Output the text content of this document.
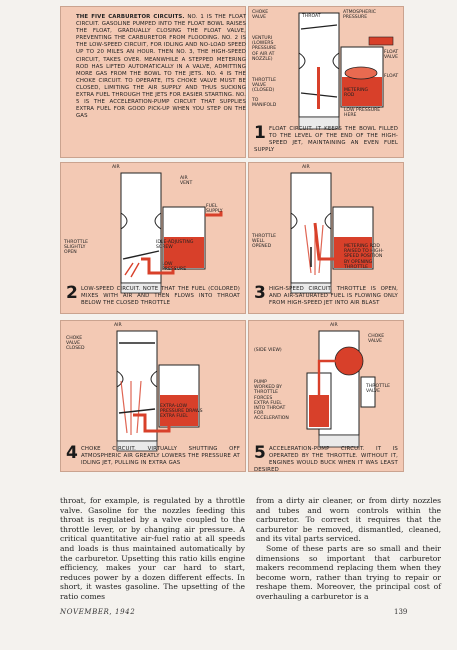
THE FIVE CARBURETOR CIRCUITS. NO. 1 IS THE FLOAT CIRCUIT. GASOLINE PUMPED INTO THE FLOAT BOWL RAISES THE FLOAT, GRADUALLY CLOSING THE FLOAT VALVE, PREVENTING THE CARBURETOR FROM FLOODING. NO. 2 IS THE LOW-SPEED CIRCUIT, FOR IDLING AND NO-LOAD SPEED UP TO 20 MILES AN HOUR. THEN NO. 3, THE HIGH-SPEED CIRCUIT, TAKES OVER. MEANWHILE A STEPPED METERING ROD HAS LIFTED AUTOMATICALLY IN A VALVE, ADMITTING MORE GAS FROM THE BOWL TO THE JETS. NO. 4 IS THE CHOKE CIRCUIT. TO OPERATE, ITS CHOKE VALVE MUST BE CLOSED, LIMITING THE AIR SUPPLY AND THUS SUCKING EXTRA FUEL THROUGH THE JETS FOR EASIER STARTING. NO. 5 IS THE ACCELERATION-PUMP CIRCUIT THAT SUPPLIES EXTRA FUEL FOR GOOD PICK-UP WHEN YOU STEP ON THE GAS
CHOKE
VALVE	THROAT
ATMOSPHERIC
PRESSURE
VENTURI
(LOWERS
PRESSURE
OF AIR AT
NOZZLE)
FLOAT
VALVE
FLOAT
THROTTLE
VALVE
(CLOSED)	METERING
ROD
TO
MANIFOLD
LOW PRESSURE
HERE
1 FLOAT CIRCUIT. IT KEEPS THE BOWL FILLED TO THE LEVEL OF THE END OF THE HIGH-SPEED JET, MAINTAINING AN EVEN FUEL SUPPLY
AIR
AIR
VENT
FUEL
SUPPLY
THROTTLE
SLIGHTLY
OPEN
IDLE-ADJUSTING
SCREW
LOW
PRESSURE
2 LOW-SPEED CIRCUIT. NOTE THAT THE FUEL (COLORED) MIXES WITH AIR AND THEN FLOWS INTO THROAT BELOW THE CLOSED THROTTLE
AIR
THROTTLE
WELL
OPENED	METERING ROD
RAISED TO HIGH-
SPEED POSITION
BY OPENING
THROTTLE
3 HIGH-SPEED CIRCUIT. THROTTLE IS OPEN, AND AIR-SATURATED FUEL IS FLOWING ONLY FROM HIGH-SPEED JET INTO AIR BLAST
AIR
CHOKE
VALVE
CLOSED
EXTRA-LOW
PRESSURE DRAWS
EXTRA FUEL
4 CHOKE CIRCUIT. VIRTUALLY SHUTTING OFF ATMOSPHERIC AIR GREATLY LOWERS THE PRESSURE AT IDLING JET, PULLING IN EXTRA GAS
AIR
CHOKE
VALVE
(SIDE VIEW)
PUMP
WORKED BY
THROTTLE
FORCES
EXTRA FUEL
INTO THROAT
FOR
ACCELERATION
THROTTLE
VALVE
5 ACCELERATION-PUMP CIRCUIT. IT IS OPERATED BY THE THROTTLE. WITHOUT IT, ENGINES WOULD BUCK WHEN IT WAS LEAST DESIRED

throat, for example, is regulated by a throttle valve. Gasoline for the nozzles feeding this throat is regulated by a valve coupled to the throttle lever, or by changing air pressure. A critical quantitative air-fuel ratio at all speeds and loads is thus maintained automatically by the carburetor. Upsetting this ratio kills engine efficiency, makes your car hard to start, reduces power by a dozen different effects. In short, it wastes gasoline. The upsetting of the ratio comes

from a dirty air cleaner, or from dirty nozzles and tubes and worn controls within the carburetor. To correct it requires that the carburetor be removed, dismantled, cleaned, and its vital parts serviced.

Some of these parts are so small and their dimensions so important that carburetor makers recommend replacing them when they become worn, rather than trying to repair or reshape them. Moreover, the principal cost of overhauling a carburetor is a

NOVEMBER, 1942	139
